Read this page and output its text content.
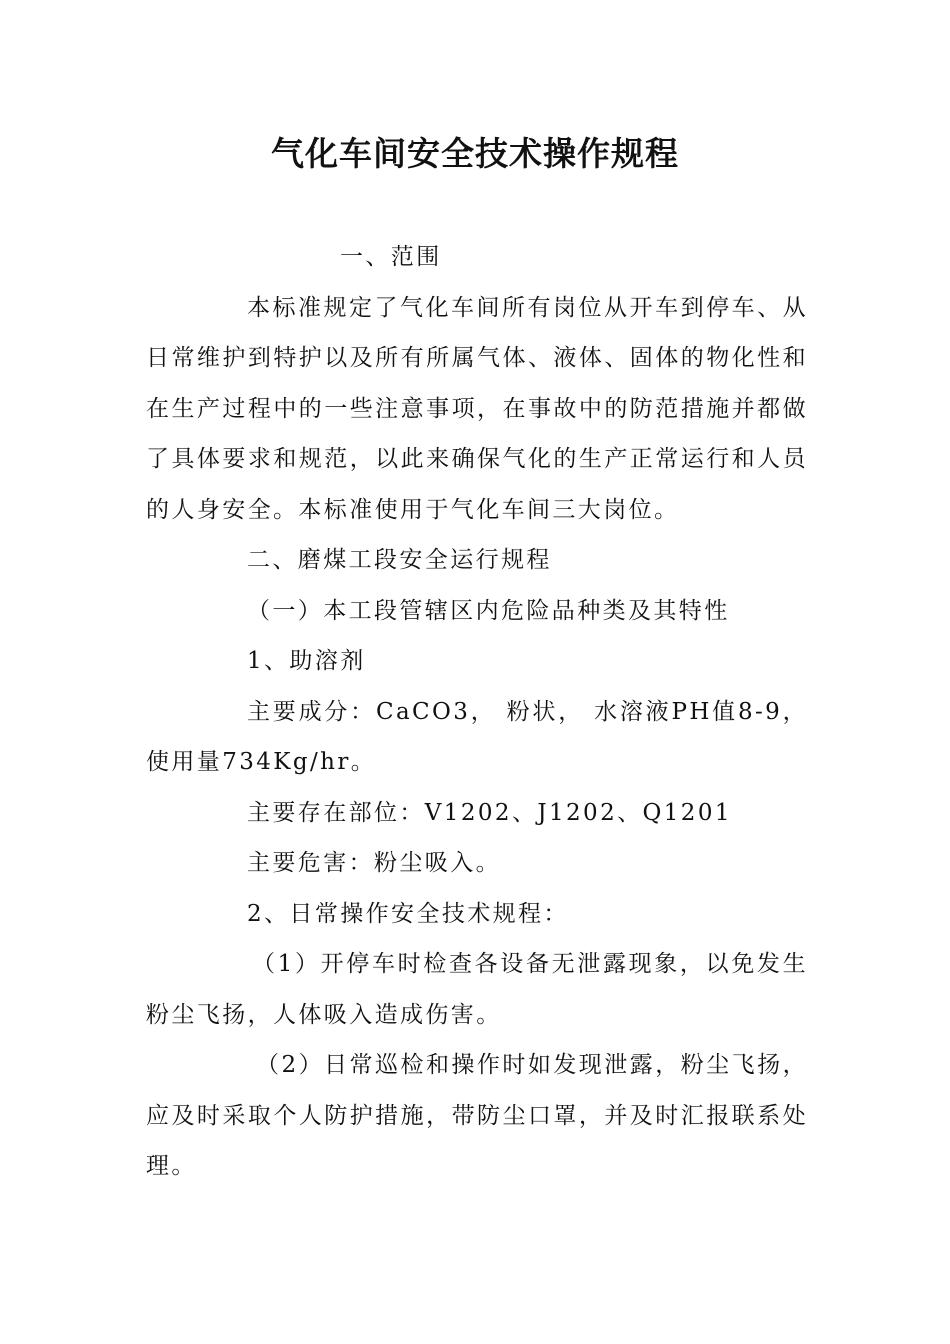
气化车间安全技术操作规程

一、范围

本标准规定了气化车间所有岗位从开车到停车、从日常维护到特护以及所有所属气体、液体、固体的物化性和在生产过程中的一些注意事项，在事故中的防范措施并都做了具体要求和规范，以此来确保气化的生产正常运行和人员的人身安全。本标准使用于气化车间三大岗位。

二、磨煤工段安全运行规程

（一）本工段管辖区内危险品种类及其特性

1、助溶剂

主要成分：CaCO3， 粉状， 水溶液PH值8-9，使用量734Kg/hr。

主要存在部位：V1202、J1202、Q1201

主要危害：粉尘吸入。

2、日常操作安全技术规程：

（1）开停车时检查各设备无泄露现象，以免发生粉尘飞扬，人体吸入造成伤害。

（2）日常巡检和操作时如发现泄露，粉尘飞扬，应及时采取个人防护措施，带防尘口罩，并及时汇报联系处理。
